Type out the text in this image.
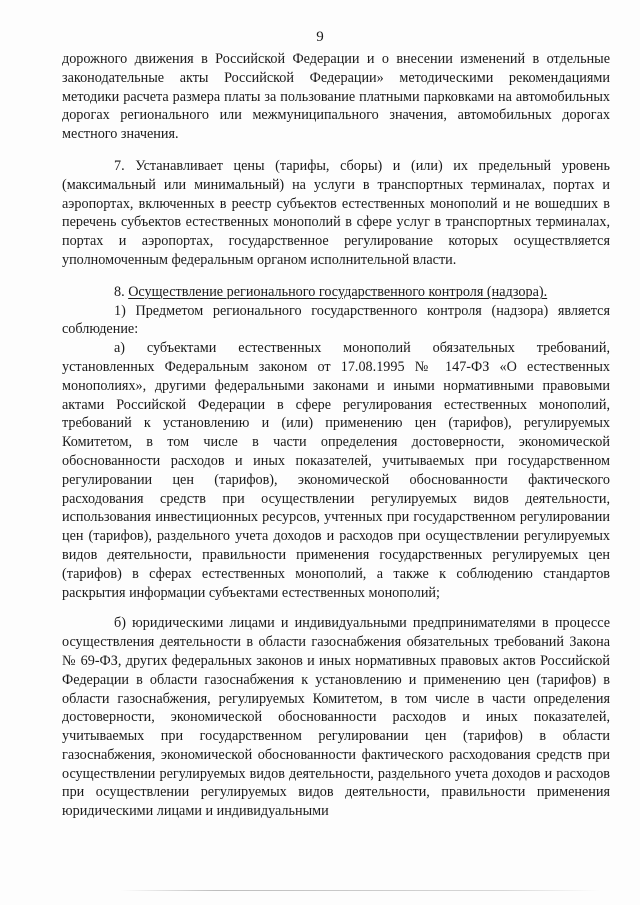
9

дорожного движения в Российской Федерации и о внесении изменений в отдельные законодательные акты Российской Федерации» методическими рекомендациями методики расчета размера платы за пользование платными парковками на автомобильных дорогах регионального или межмуниципального значения, автомобильных дорогах местного значения.

7. Устанавливает цены (тарифы, сборы) и (или) их предельный уровень (максимальный или минимальный) на услуги в транспортных терминалах, портах и аэропортах, включенных в реестр субъектов естественных монополий и не вошедших в перечень субъектов естественных монополий в сфере услуг в транспортных терминалах, портах и аэропортах, государственное регулирование которых осуществляется уполномоченным федеральным органом исполнительной власти.

8. Осуществление регионального государственного контроля (надзора).

1) Предметом регионального государственного контроля (надзора) является соблюдение:

а) субъектами естественных монополий обязательных требований, установленных Федеральным законом от 17.08.1995 № 147-ФЗ «О естественных монополиях», другими федеральными законами и иными нормативными правовыми актами Российской Федерации в сфере регулирования естественных монополий, требований к установлению и (или) применению цен (тарифов), регулируемых Комитетом, в том числе в части определения достоверности, экономической обоснованности расходов и иных показателей, учитываемых при государственном регулировании цен (тарифов), экономической обоснованности фактического расходования средств при осуществлении регулируемых видов деятельности, использования инвестиционных ресурсов, учтенных при государственном регулировании цен (тарифов), раздельного учета доходов и расходов при осуществлении регулируемых видов деятельности, правильности применения государственных регулируемых цен (тарифов) в сферах естественных монополий, а также к соблюдению стандартов раскрытия информации субъектами естественных монополий;

б) юридическими лицами и индивидуальными предпринимателями в процессе осуществления деятельности в области газоснабжения обязательных требований Закона № 69-ФЗ, других федеральных законов и иных нормативных правовых актов Российской Федерации в области газоснабжения к установлению и применению цен (тарифов) в области газоснабжения, регулируемых Комитетом, в том числе в части определения достоверности, экономической обоснованности расходов и иных показателей, учитываемых при государственном регулировании цен (тарифов) в области газоснабжения, экономической обоснованности фактического расходования средств при осуществлении регулируемых видов деятельности, раздельного учета доходов и расходов при осуществлении регулируемых видов деятельности, правильности применения юридическими лицами и индивидуальными
